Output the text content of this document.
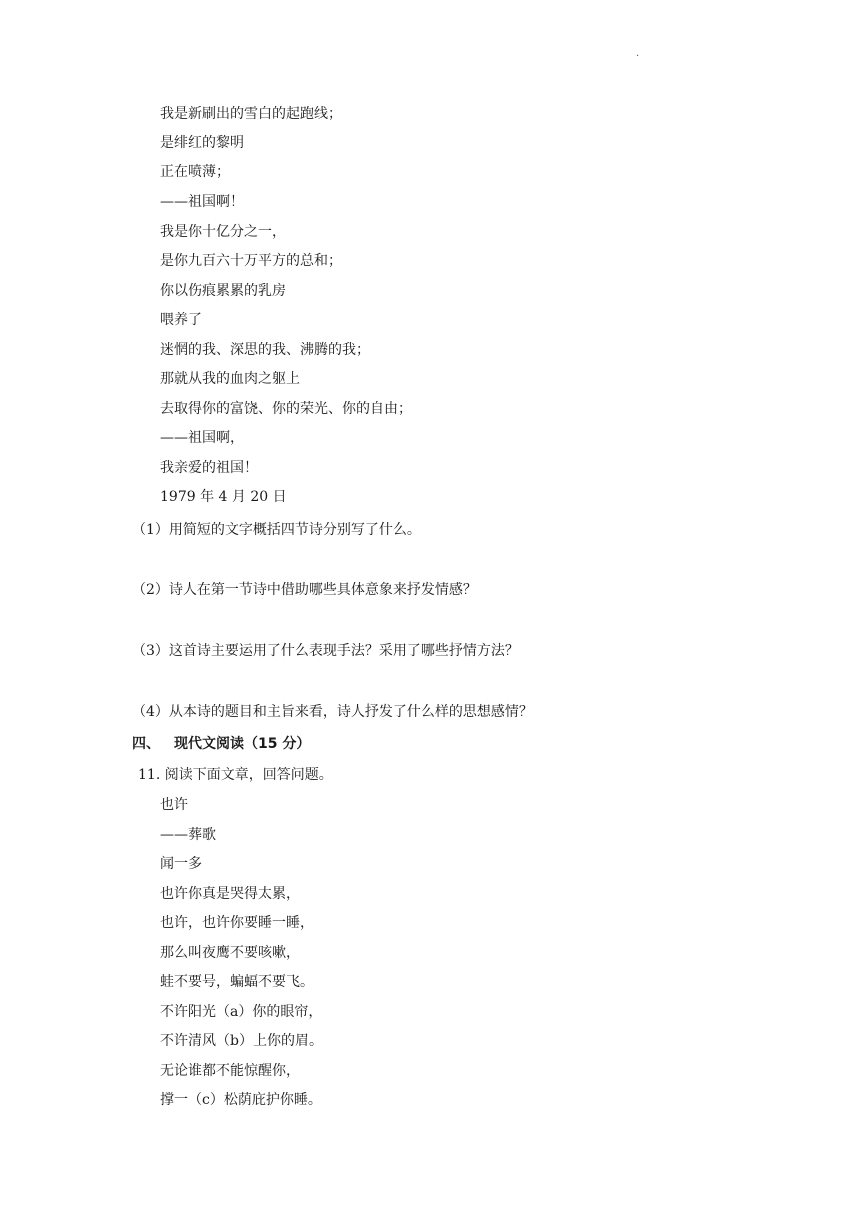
·
我是新刷出的雪白的起跑线；
是绯红的黎明
正在喷薄；
——祖国啊！
我是你十亿分之一，
是你九百六十万平方的总和；
你以伤痕累累的乳房
喂养了
迷惘的我、深思的我、沸腾的我；
那就从我的血肉之躯上
去取得你的富饶、你的荣光、你的自由；
——祖国啊，
我亲爱的祖国！
1979 年 4 月 20 日
（1）用简短的文字概括四节诗分别写了什么。
（2）诗人在第一节诗中借助哪些具体意象来抒发情感？
（3）这首诗主要运用了什么表现手法？采用了哪些抒情方法？
（4）从本诗的题目和主旨来看，诗人抒发了什么样的思想感情？
四、 现代文阅读（15 分）
11. 阅读下面文章，回答问题。
也许
——葬歌
闻一多
也许你真是哭得太累，
也许，也许你要睡一睡，
那么叫夜鹰不要咳嗽，
蛙不要号，蝙蝠不要飞。
不许阳光（a）你的眼帘，
不许清风（b）上你的眉。
无论谁都不能惊醒你，
撑一（c）松荫庇护你睡。
